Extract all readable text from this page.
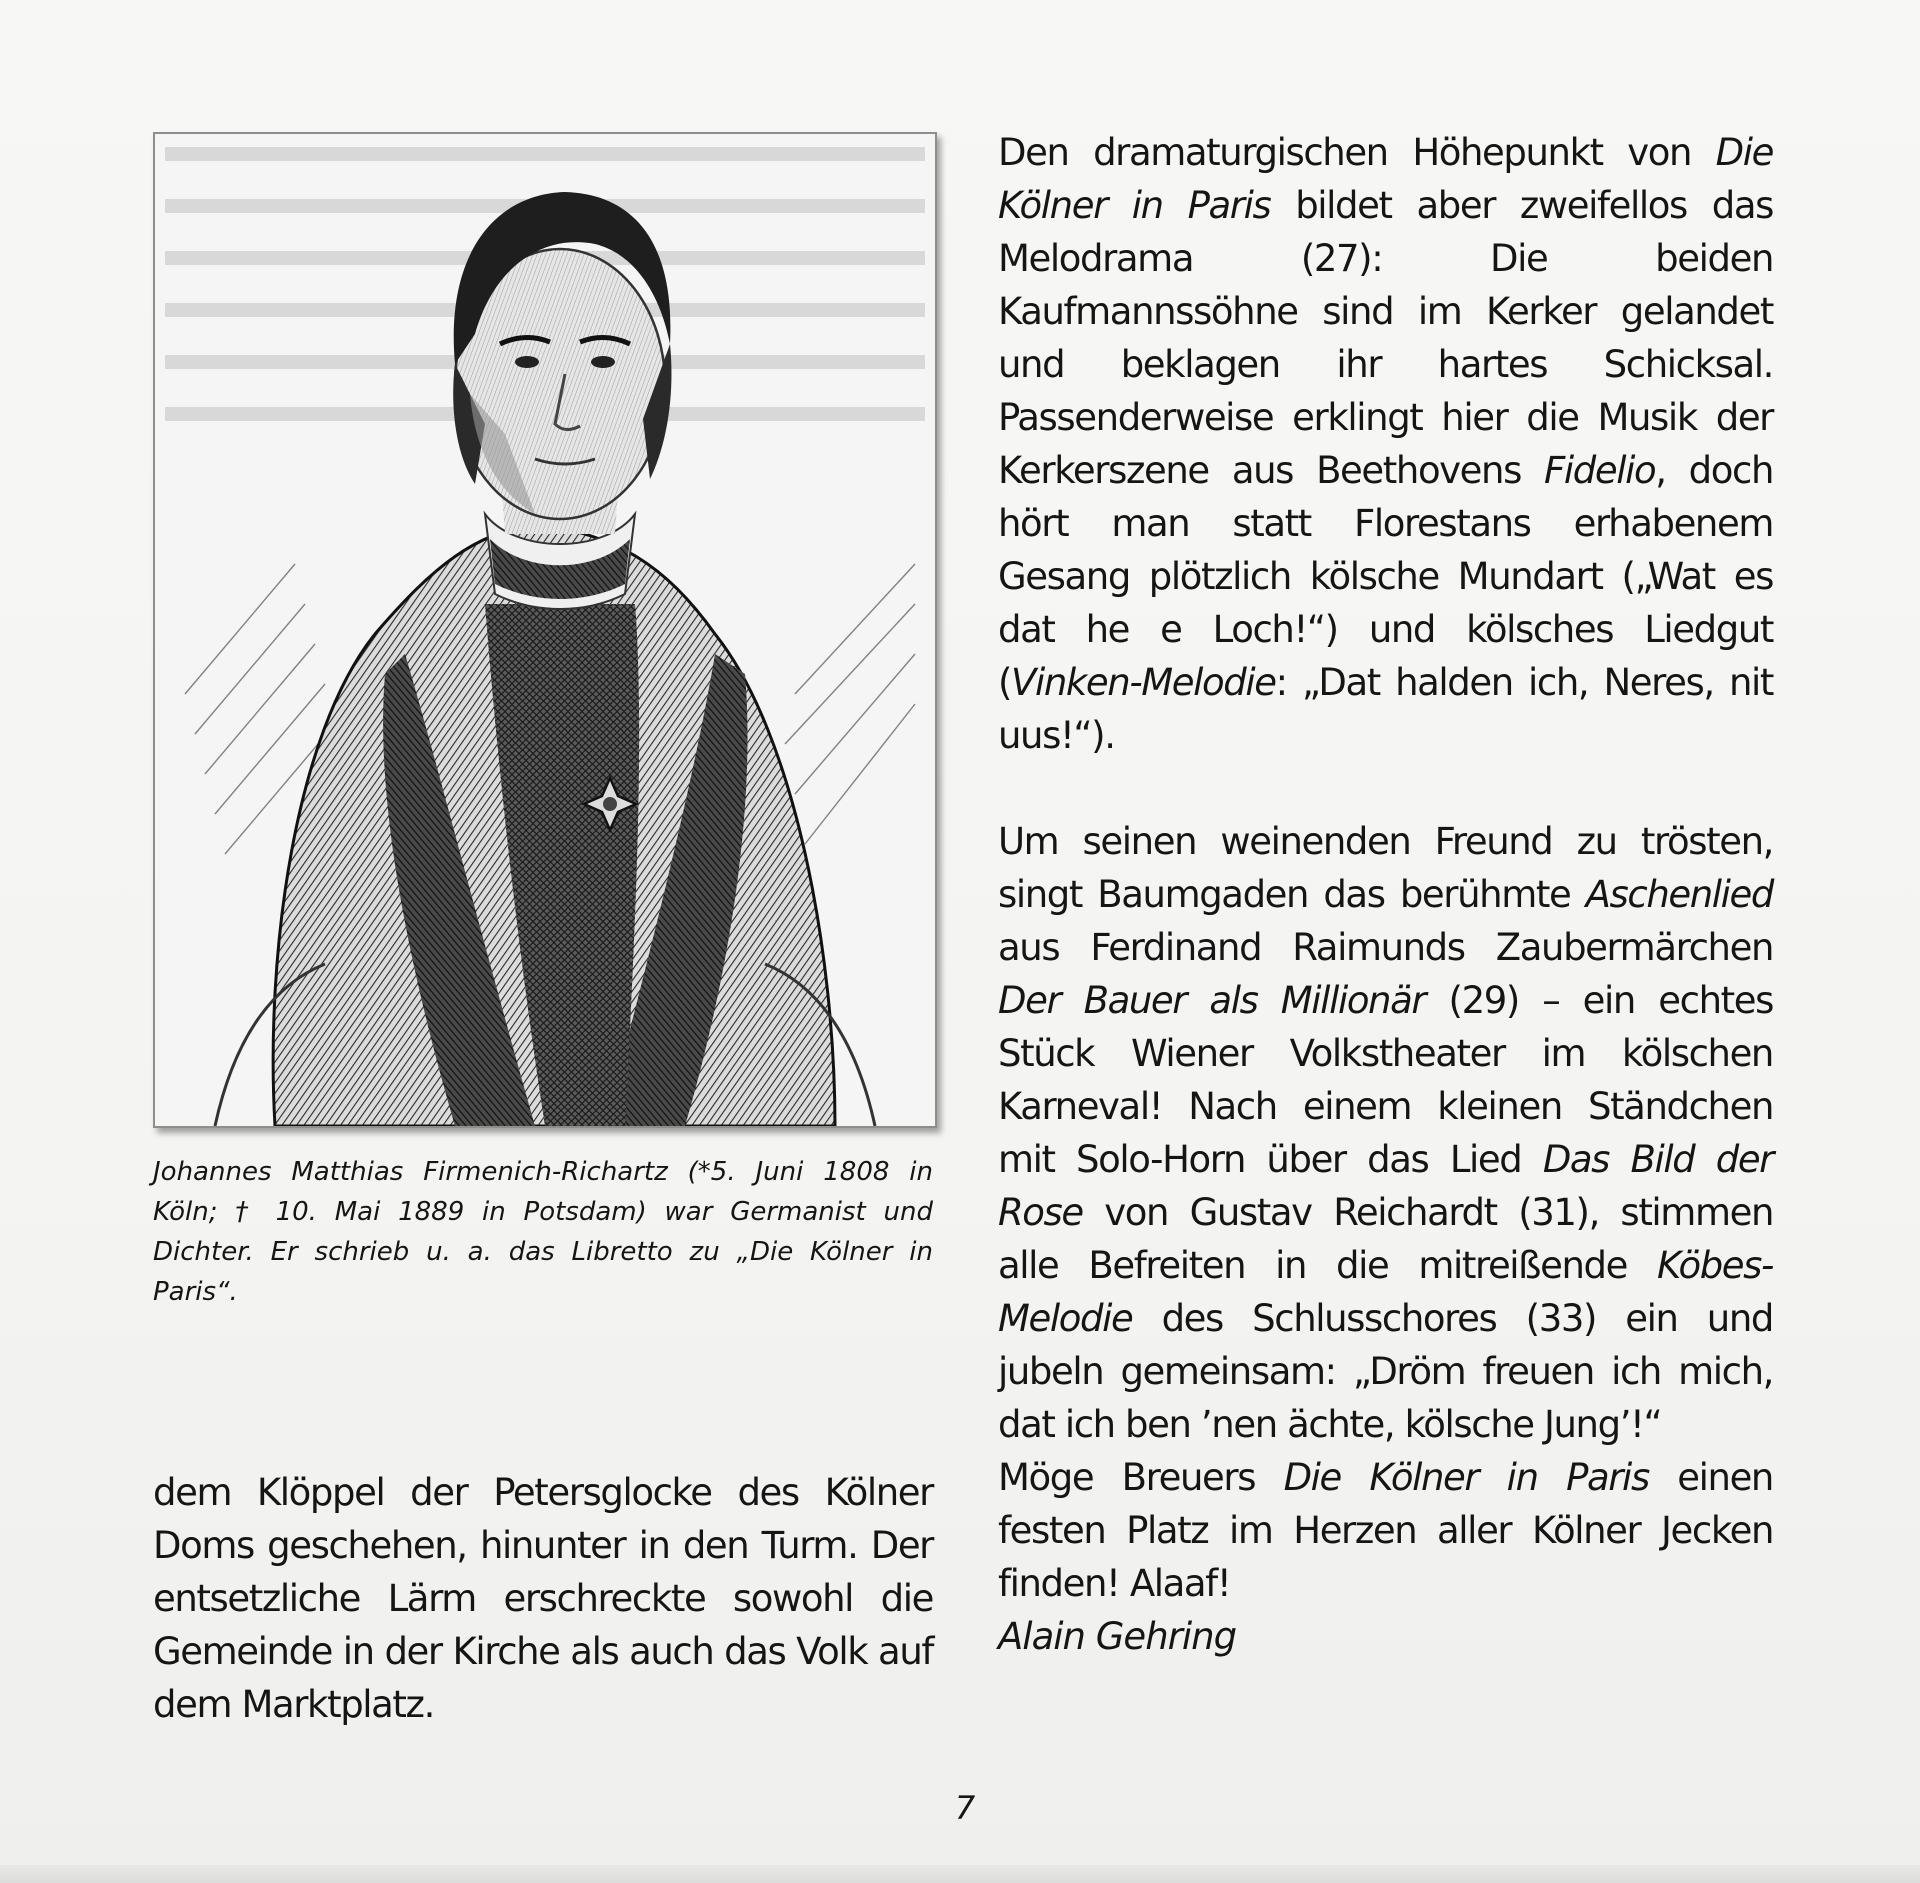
Johannes Matthias Firmenich-Richartz (*5. Juni 1808 in Köln; † 10. Mai 1889 in Potsdam) war Germanist und Dichter. Er schrieb u. a. das Libretto zu „Die Kölner in Paris“.

dem Klöppel der Petersglocke des Kölner Doms geschehen, hinunter in den Turm. Der entsetzliche Lärm erschreckte sowohl die Gemeinde in der Kirche als auch das Volk auf dem Marktplatz.

Den dramaturgischen Höhepunkt von Die Kölner in Paris bildet aber zweifellos das Melodrama (27): Die beiden Kaufmannssöhne sind im Kerker gelandet und beklagen ihr hartes Schicksal. Passenderweise erklingt hier die Musik der Kerkerszene aus Beethovens Fidelio, doch hört man statt Florestans erhabenem Gesang plötzlich kölsche Mundart („Wat es dat he e Loch!“) und kölsches Liedgut (Vinken-Melodie: „Dat halden ich, Neres, nit uus!“).

Um seinen weinenden Freund zu trösten, singt Baumgaden das berühmte Aschenlied aus Ferdinand Raimunds Zaubermärchen Der Bauer als Millionär (29) – ein echtes Stück Wiener Volkstheater im kölschen Karneval! Nach einem kleinen Ständchen mit Solo-Horn über das Lied Das Bild der Rose von Gustav Reichardt (31), stimmen alle Befreiten in die mitreißende Köbes-Melodie des Schlusschores (33) ein und jubeln gemeinsam: „Dröm freuen ich mich, dat ich ben ’nen ächte, kölsche Jung’!“

Möge Breuers Die Kölner in Paris einen festen Platz im Herzen aller Kölner Jecken finden! Alaaf!

Alain Gehring

7
